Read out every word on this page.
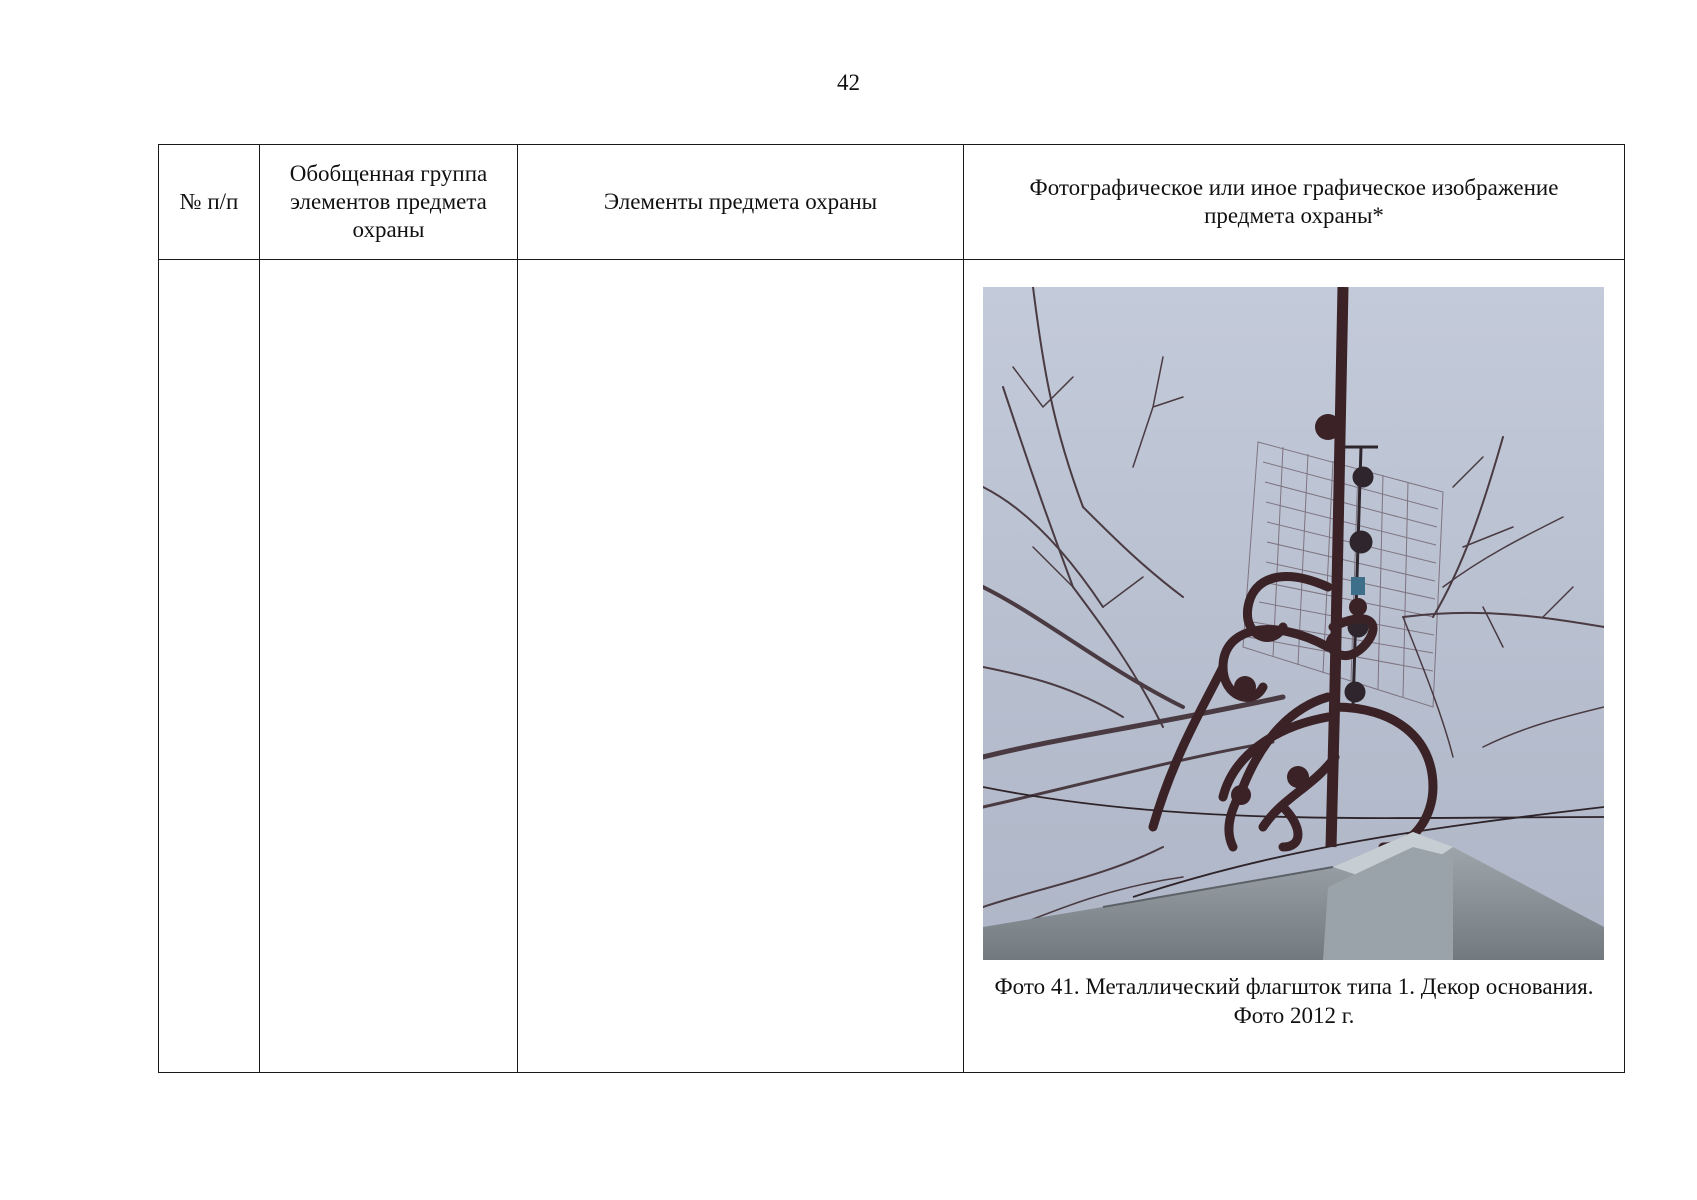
42
№ п/п	Обобщенная группа элементов предмета охраны	Элементы предмета охраны	Фотографическое или иное графическое изображение предмета охраны*

			Фото 41. Металлический флагшток типа 1. Декор основания.
Фото 2012 г.
